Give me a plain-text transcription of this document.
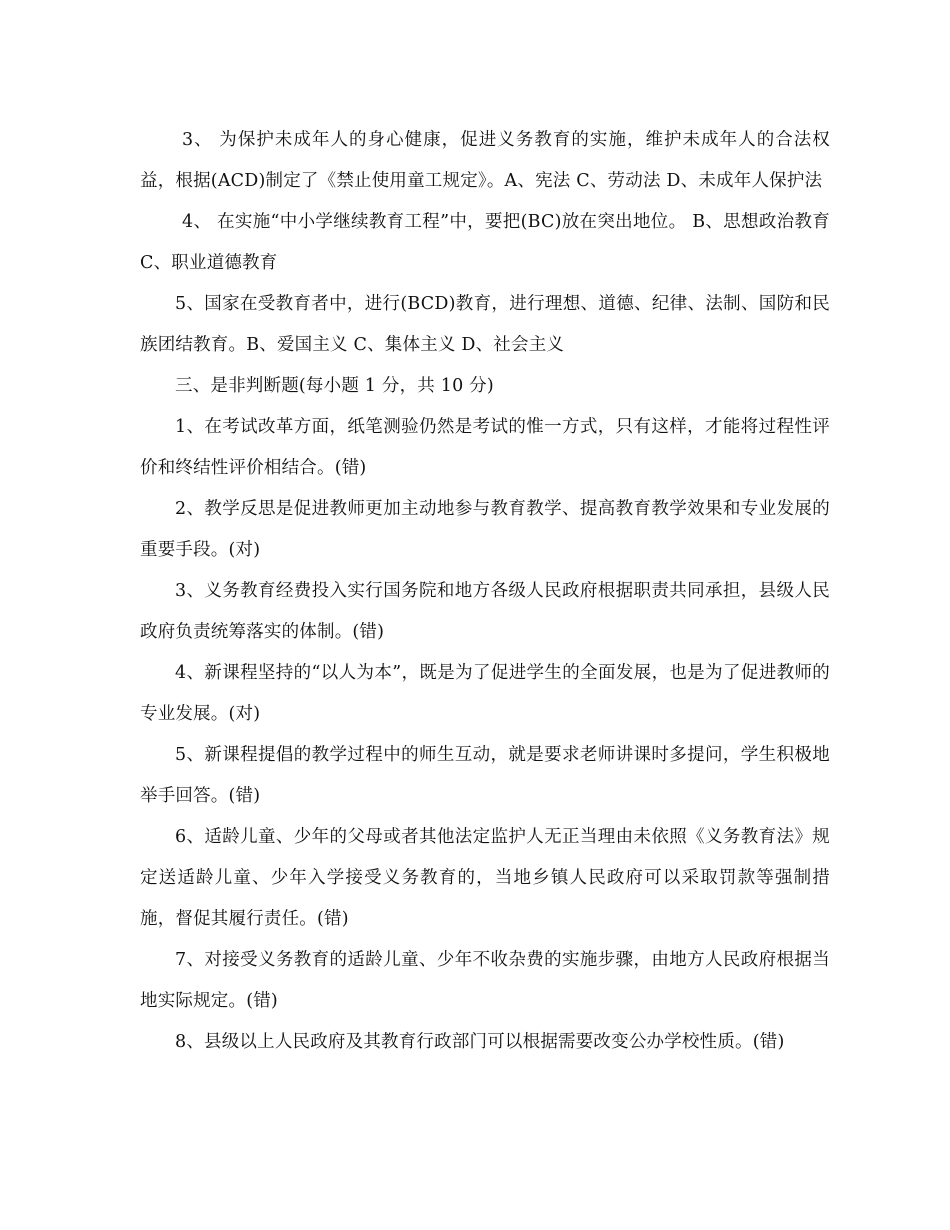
3、 为保护未成年人的身心健康，促进义务教育的实施，维护未成年人的合法权益，根据(ACD)制定了《禁止使用童工规定》。A、宪法 C、劳动法 D、未成年人保护法

4、 在实施“中小学继续教育工程”中，要把(BC)放在突出地位。 B、思想政治教育 C、职业道德教育

5、国家在受教育者中，进行(BCD)教育，进行理想、道德、纪律、法制、国防和民族团结教育。B、爱国主义 C、集体主义 D、社会主义

三、是非判断题(每小题 1 分，共 10 分)

1、在考试改革方面，纸笔测验仍然是考试的惟一方式，只有这样，才能将过程性评价和终结性评价相结合。(错)

2、教学反思是促进教师更加主动地参与教育教学、提高教育教学效果和专业发展的重要手段。(对)

3、义务教育经费投入实行国务院和地方各级人民政府根据职责共同承担，县级人民政府负责统筹落实的体制。(错)

4、新课程坚持的“以人为本”，既是为了促进学生的全面发展，也是为了促进教师的专业发展。(对)

5、新课程提倡的教学过程中的师生互动，就是要求老师讲课时多提问，学生积极地举手回答。(错)

6、适龄儿童、少年的父母或者其他法定监护人无正当理由未依照《义务教育法》规定送适龄儿童、少年入学接受义务教育的，当地乡镇人民政府可以采取罚款等强制措施，督促其履行责任。(错)

7、对接受义务教育的适龄儿童、少年不收杂费的实施步骤，由地方人民政府根据当地实际规定。(错)

8、县级以上人民政府及其教育行政部门可以根据需要改变公办学校性质。(错)
